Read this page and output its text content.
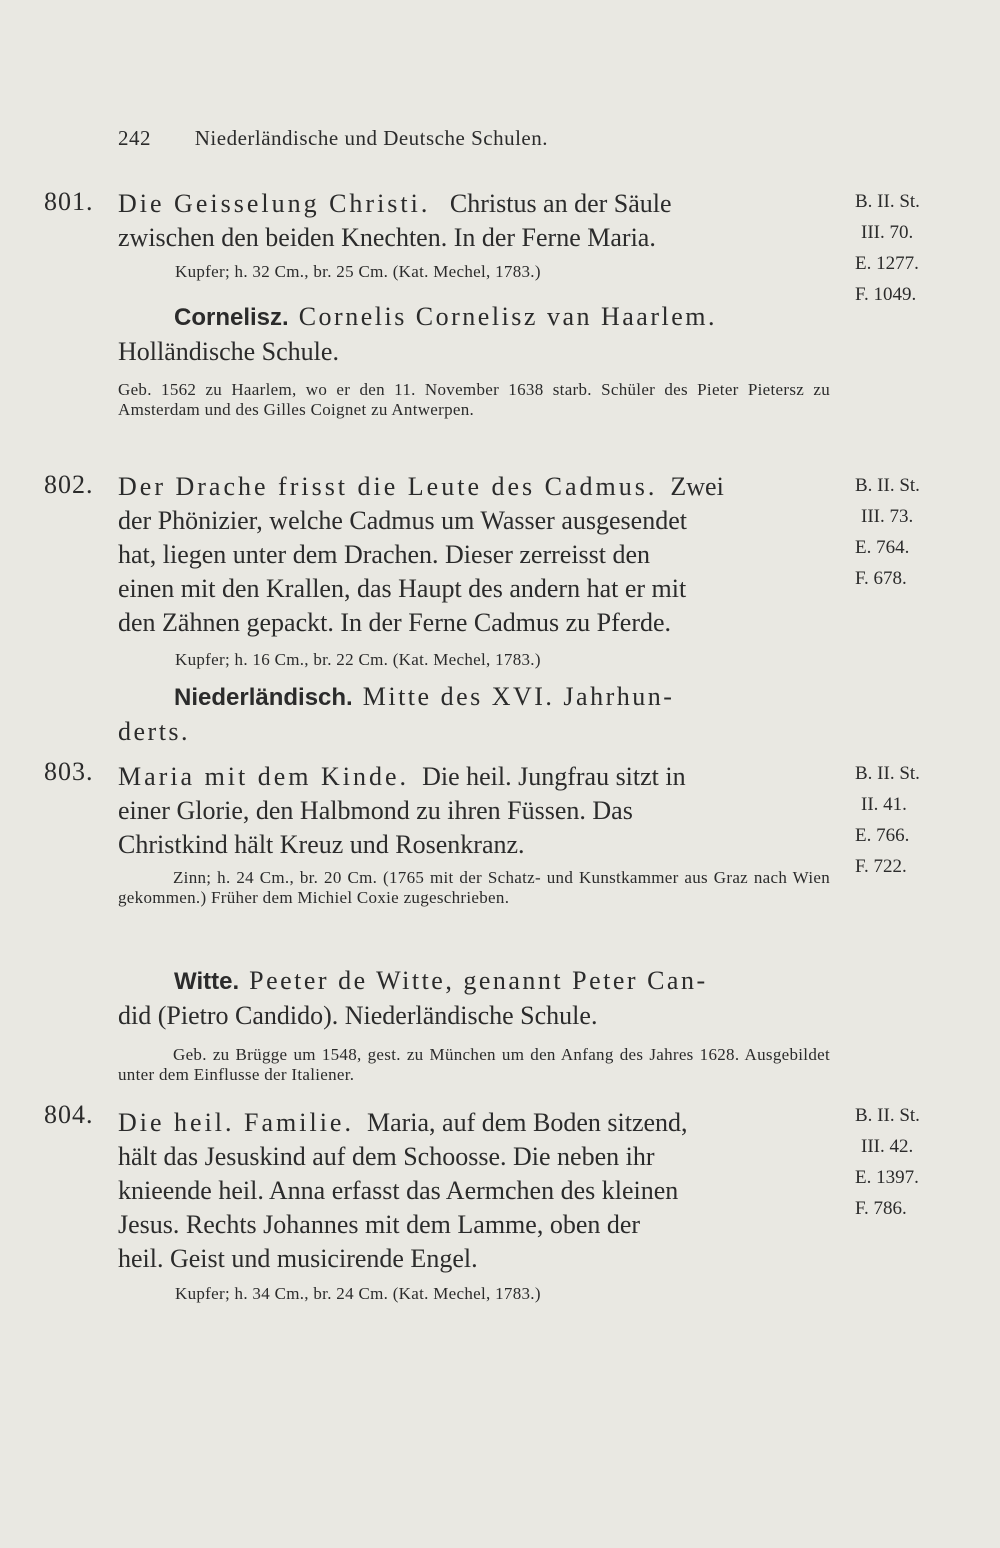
242 Niederländische und Deutsche Schulen.
801. Die Geisselung Christi. Christus an der Säule
zwischen den beiden Knechten. In der Ferne Maria.
Kupfer; h. 32 Cm., br. 25 Cm. (Kat. Mechel, 1783.)
B. II. St.
III. 70.
E. 1277.
F. 1049.
Cornelisz. Cornelis Cornelisz van Haarlem.
Holländische Schule.
Geb. 1562 zu Haarlem, wo er den 11. November 1638 starb. Schüler des Pieter Pietersz zu Amsterdam und des Gilles Coignet zu Antwerpen.
802. Der Drache frisst die Leute des Cadmus. Zwei
der Phönizier, welche Cadmus um Wasser ausgesendet
hat, liegen unter dem Drachen. Dieser zerreisst den
einen mit den Krallen, das Haupt des andern hat er mit
den Zähnen gepackt. In der Ferne Cadmus zu Pferde.
Kupfer; h. 16 Cm., br. 22 Cm. (Kat. Mechel, 1783.)
B. II. St.
III. 73.
E. 764.
F. 678.
Niederländisch. Mitte des XVI. Jahrhun-
derts.
803. Maria mit dem Kinde. Die heil. Jungfrau sitzt in
einer Glorie, den Halbmond zu ihren Füssen. Das
Christkind hält Kreuz und Rosenkranz.
Zinn; h. 24 Cm., br. 20 Cm. (1765 mit der Schatz- und Kunstkammer aus Graz nach Wien gekommen.) Früher dem Michiel Coxie zugeschrieben.
B. II. St.
II. 41.
E. 766.
F. 722.
Witte. Peeter de Witte, genannt Peter Can-
did (Pietro Candido). Niederländische Schule.
Geb. zu Brügge um 1548, gest. zu München um den Anfang des Jahres 1628. Ausgebildet unter dem Einflusse der Italiener.
804. Die heil. Familie. Maria, auf dem Boden sitzend,
hält das Jesuskind auf dem Schoosse. Die neben ihr
knieende heil. Anna erfasst das Aermchen des kleinen
Jesus. Rechts Johannes mit dem Lamme, oben der
heil. Geist und musicirende Engel.
Kupfer; h. 34 Cm., br. 24 Cm. (Kat. Mechel, 1783.)
B. II. St.
III. 42.
E. 1397.
F. 786.
